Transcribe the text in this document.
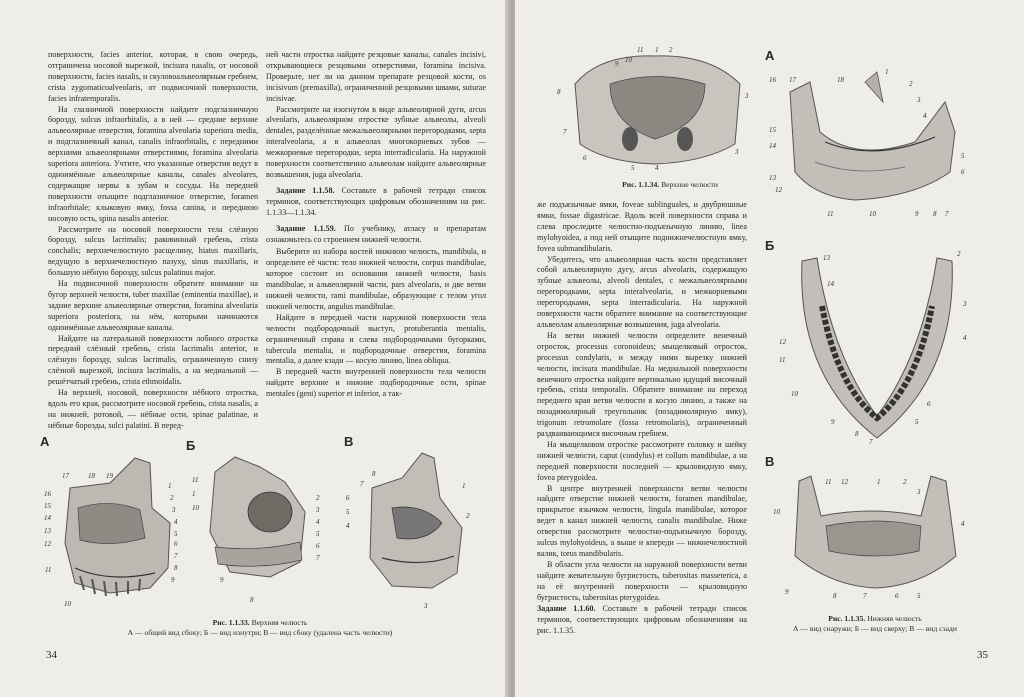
поверхности, facies anterior, которая, в свою очередь, отграничена носовой вырезкой, incisura nasalis, от носовой поверхности, facies nasalis, и скуловоальвеолярным гребнем, crista zygomaticoalveolaris, от подвисочной поверхности, facies infratemporalis.

На глазничной поверхности найдите подглазничную борозду, sulcus infraorbitalis, а в ней — средние верхние альвеолярные отверстия, foramina alveolaria superiora media, и подглазничный канал, canalis infraorbitalis, с передними верхними альвеолярными отверстиями, foramina alveolaria superiora anteriora. Учтите, что указанные отверстия ведут в одноимённые альвеолярные каналы, canales alveolares, содержащие нервы к зубам и сосуды. На передней поверхности отыщите подглазничное отверстие, foramen infraorbitale; клыковую ямку, fossa canina, и переднюю носовую ость, spina nasalis anterior.

Рассмотрите на носовой поверхности тела слёзную борозду, sulcus lacrimalis; раковинный гребень, crista conchalis; верхнечелюстную расщелину, hiatus maxillaris, ведущую в верхнечелюстную пазуху, sinus maxillaris, и большую нёбную борозду, sulcus palatinus major.

На подвисочной поверхности обратите внимание на бугор верхней челюсти, tuber maxillae (eminentia maxillae), и задние верхние альвеолярные отверстия, foramina alveolaria superiora posteriora, на нём, которыми начинаются одноимённые альвеолярные каналы.

Найдите на латеральной поверхности лобного отростка передний слёзный гребень, crista lacrimalis anterior, и слёзную борозду, sulcus lacrimalis, ограниченную снизу слёзной вырезкой, incisura lacrimalis, а на медиальной — решётчатый гребень, crista ethmoidalis.

На верхней, носовой, поверхности нёбного отростка, вдоль его края, рассмотрите носовой гребень, crista nasalis, а на нижней, ротовой, — нёбные ости, spinae palatinae, и нёбные борозды, sulci palatini. В перед-

ней части отростка найдите резцовые каналы, canales incisivi, открывающиеся резцовыми отверстиями, foramina incisiva. Проверьте, нет ли на данном препарате резцовой кости, os incisivum (premaxilla), ограниченной резцовыми швами, suturae incisivae.

Рассмотрите на изогнутом в виде альвеолярной дуги, arcus alveolaris, альвеолярном отростке зубные альвеолы, alveoli dentales, разделённые межальвеолярными перегородками, septa interalveolaria, а в альвеолах многокорневых зубов — межкорневые перегородки, septa interradicularia. На наружной поверхности соответственно альвеолам найдите альвеолярные возвышения, juga alveolaria.

Задание 1.1.58. Составьте в рабочей тетради список терминов, соответствующих цифровым обозначениям на рис. 1.1.33—1.1.34.

Задание 1.1.59. По учебнику, атласу и препаратам ознакомьтесь со строением нижней челюсти.

Выберите из набора костей нижнюю челюсть, mandibula, и определите её части: тело нижней челюсти, corpus mandibulae, которое состоит из основания нижней челюсти, basis mandibulae, и альвеолярной части, pars alveolaris, и две ветви нижней челюсти, rami mandibulae, образующие с телом угол нижней челюсти, angulus mandibulae.

Найдите в передней части наружной поверхности тела челюсти подбородочный выступ, protuberantia mentalis, ограниченный справа и слева подбородочными бугорками, tubercula mentalia, и подбородочные отверстия, foramina mentalia, а далее кзади — косую линию, linea obliqua.

В передней части внутренней поверхности тела челюсти найдите верхние и нижние подбородочные ости, spinae mentales (geni) superior et inferior, а так-

А	Б	В
17	18 19
1
2
3
4
5
6
7
8
9
10
11
12
13
14
15
16
11
1
10
2
3
4
5
6
7
8
9
7
8
1
2
6
5
4
3
Рис. 1.1.33. Верхняя челюсть
А — общий вид сбоку; Б — вид изнутри; В — вид сбоку (удалена часть челюсти)
34
11 1 2
10
3
9
8
7
6
5	4
3
Рис. 1.1.34. Верхние челюсти

же подъязычные ямки, foveae sublinguales, и двубрюшные ямки, fossae digastricae. Вдоль всей поверхности справа и слева проследите челюстно-подъязычную линию, linea mylohyoidea, а под ней отыщите поднижнечелюстную ямку, fovea submandibularis.

Убедитесь, что альвеолярная часть кости представляет собой альвеолярную дугу, arcus alveolaris, содержащую зубные альвеолы, alveoli dentales, с межальвеолярными перегородками, septa interalveolaria, и межкорневыми перегородками, septa interradicularia. На наружной поверхности части обратите внимание на соответствующие альвеолам альвеолярные возвышения, juga alveolaria.

На ветви нижней челюсти определите венечный отросток, processus coronoideus; мыщелковый отросток, processus condylaris, и между ними вырезку нижней челюсти, incisura mandibulae. На медиальной поверхности венечного отростка найдите вертикально идущий височный гребень, crista temporalis. Обратите внимание на переход переднего края ветви челюсти в косую линию, а также на позадимолярный треугольник (позадимолярную ямку), trigonum retromolare (fossa retromolaris), ограниченный раздваивающимся височным гребнем.

На мыщелковом отростке рассмотрите головку и шейку нижней челюсти, caput (condylus) et collum mandibulae, а на передней поверхности последней — крыловидную ямку, fovea pterygoidea.

В центре внутренней поверхности ветви челюсти найдите отверстие нижней челюсти, foramen mandibulae, прикрытое язычком челюсти, lingula mandibulae, которое ведет в канал нижней челюсти, canalis mandibulae. Ниже отверстия рассмотрите челюстно-подъязычную борозду, sulcus mylohyoideus, а выше и кпереди — нижнечелюстной валик, torus mandibularis.

В области угла челюсти на наружной поверхности ветви найдите жевательную бугристость, tuberositas masseterica, а на её внутренней поверхности — крыловидную бугристость, tuberositas pterygoidea.

Задание 1.1.60. Составьте в рабочей тетради список терминов, соответствующих цифровым обозначениям на рис. 1.1.35.

А
Б
В
16 17	18
1
2
3
4
5
6
15
14
13
12
11	10	9 8 7
13	2
14
3
4
12
11
10
9
8
7
5
6
11 12	1	2
3
10
4
9	8	7	6	5
Рис. 1.1.35. Нижняя челюсть
А — вид снаружи; Б — вид сверху; В — вид сзади
35
